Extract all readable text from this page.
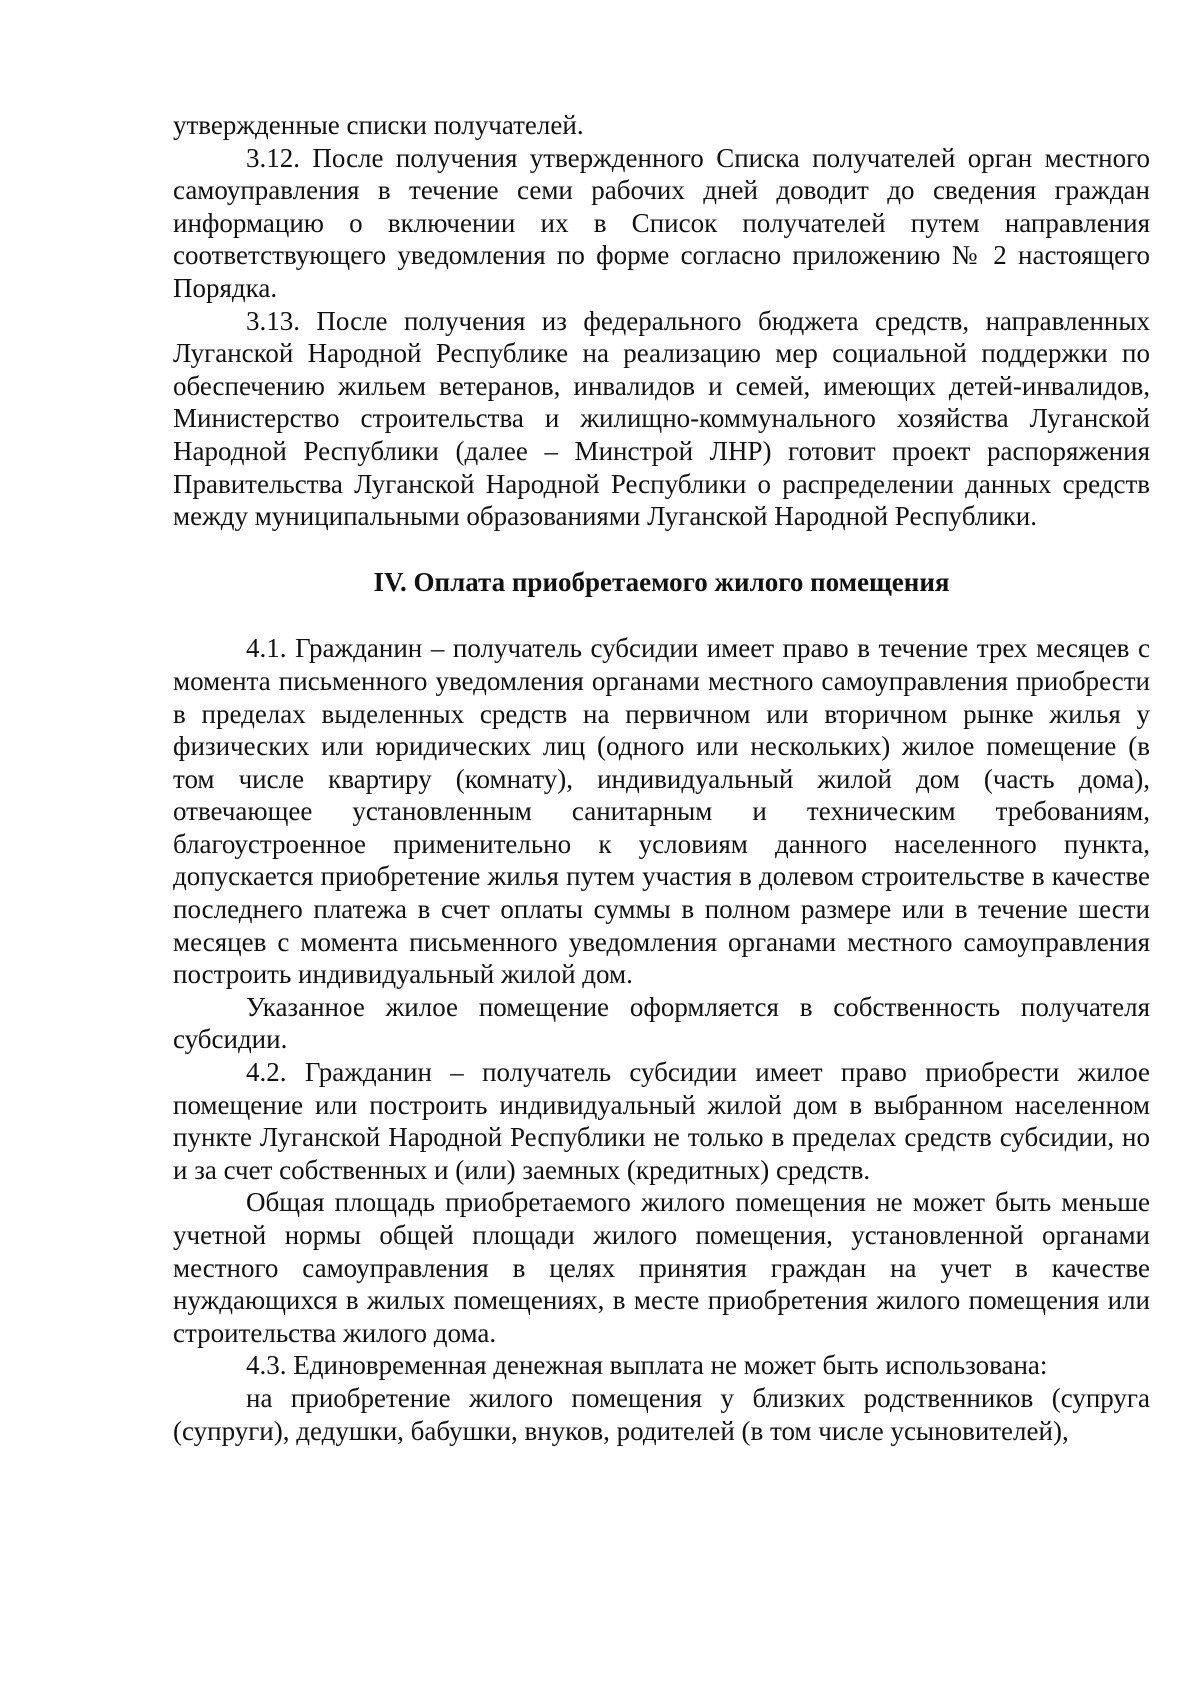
утвержденные списки получателей.

3.12. После получения утвержденного Списка получателей орган местного самоуправления в течение семи рабочих дней доводит до сведения граждан информацию о включении их в Список получателей путем направления соответствующего уведомления по форме согласно приложению № 2 настоящего Порядка.

3.13. После получения из федерального бюджета средств, направленных Луганской Народной Республике на реализацию мер социальной поддержки по обеспечению жильем ветеранов, инвалидов и семей, имеющих детей-инвалидов, Министерство строительства и жилищно-коммунального хозяйства Луганской Народной Республики (далее – Минстрой ЛНР) готовит проект распоряжения Правительства Луганской Народной Республики о распределении данных средств между муниципальными образованиями Луганской Народной Республики.

IV. Оплата приобретаемого жилого помещения

4.1. Гражданин – получатель субсидии имеет право в течение трех месяцев с момента письменного уведомления органами местного самоуправления приобрести в пределах выделенных средств на первичном или вторичном рынке жилья у физических или юридических лиц (одного или нескольких) жилое помещение (в том числе квартиру (комнату), индивидуальный жилой дом (часть дома), отвечающее установленным санитарным и техническим требованиям, благоустроенное применительно к условиям данного населенного пункта, допускается приобретение жилья путем участия в долевом строительстве в качестве последнего платежа в счет оплаты суммы в полном размере или в течение шести месяцев с момента письменного уведомления органами местного самоуправления построить индивидуальный жилой дом.

Указанное жилое помещение оформляется в собственность получателя субсидии.

4.2. Гражданин – получатель субсидии имеет право приобрести жилое помещение или построить индивидуальный жилой дом в выбранном населенном пункте Луганской Народной Республики не только в пределах средств субсидии, но и за счет собственных и (или) заемных (кредитных) средств.

Общая площадь приобретаемого жилого помещения не может быть меньше учетной нормы общей площади жилого помещения, установленной органами местного самоуправления в целях принятия граждан на учет в качестве нуждающихся в жилых помещениях, в месте приобретения жилого помещения или строительства жилого дома.

4.3. Единовременная денежная выплата не может быть использована:

на приобретение жилого помещения у близких родственников (супруга (супруги), дедушки, бабушки, внуков, родителей (в том числе усыновителей),
